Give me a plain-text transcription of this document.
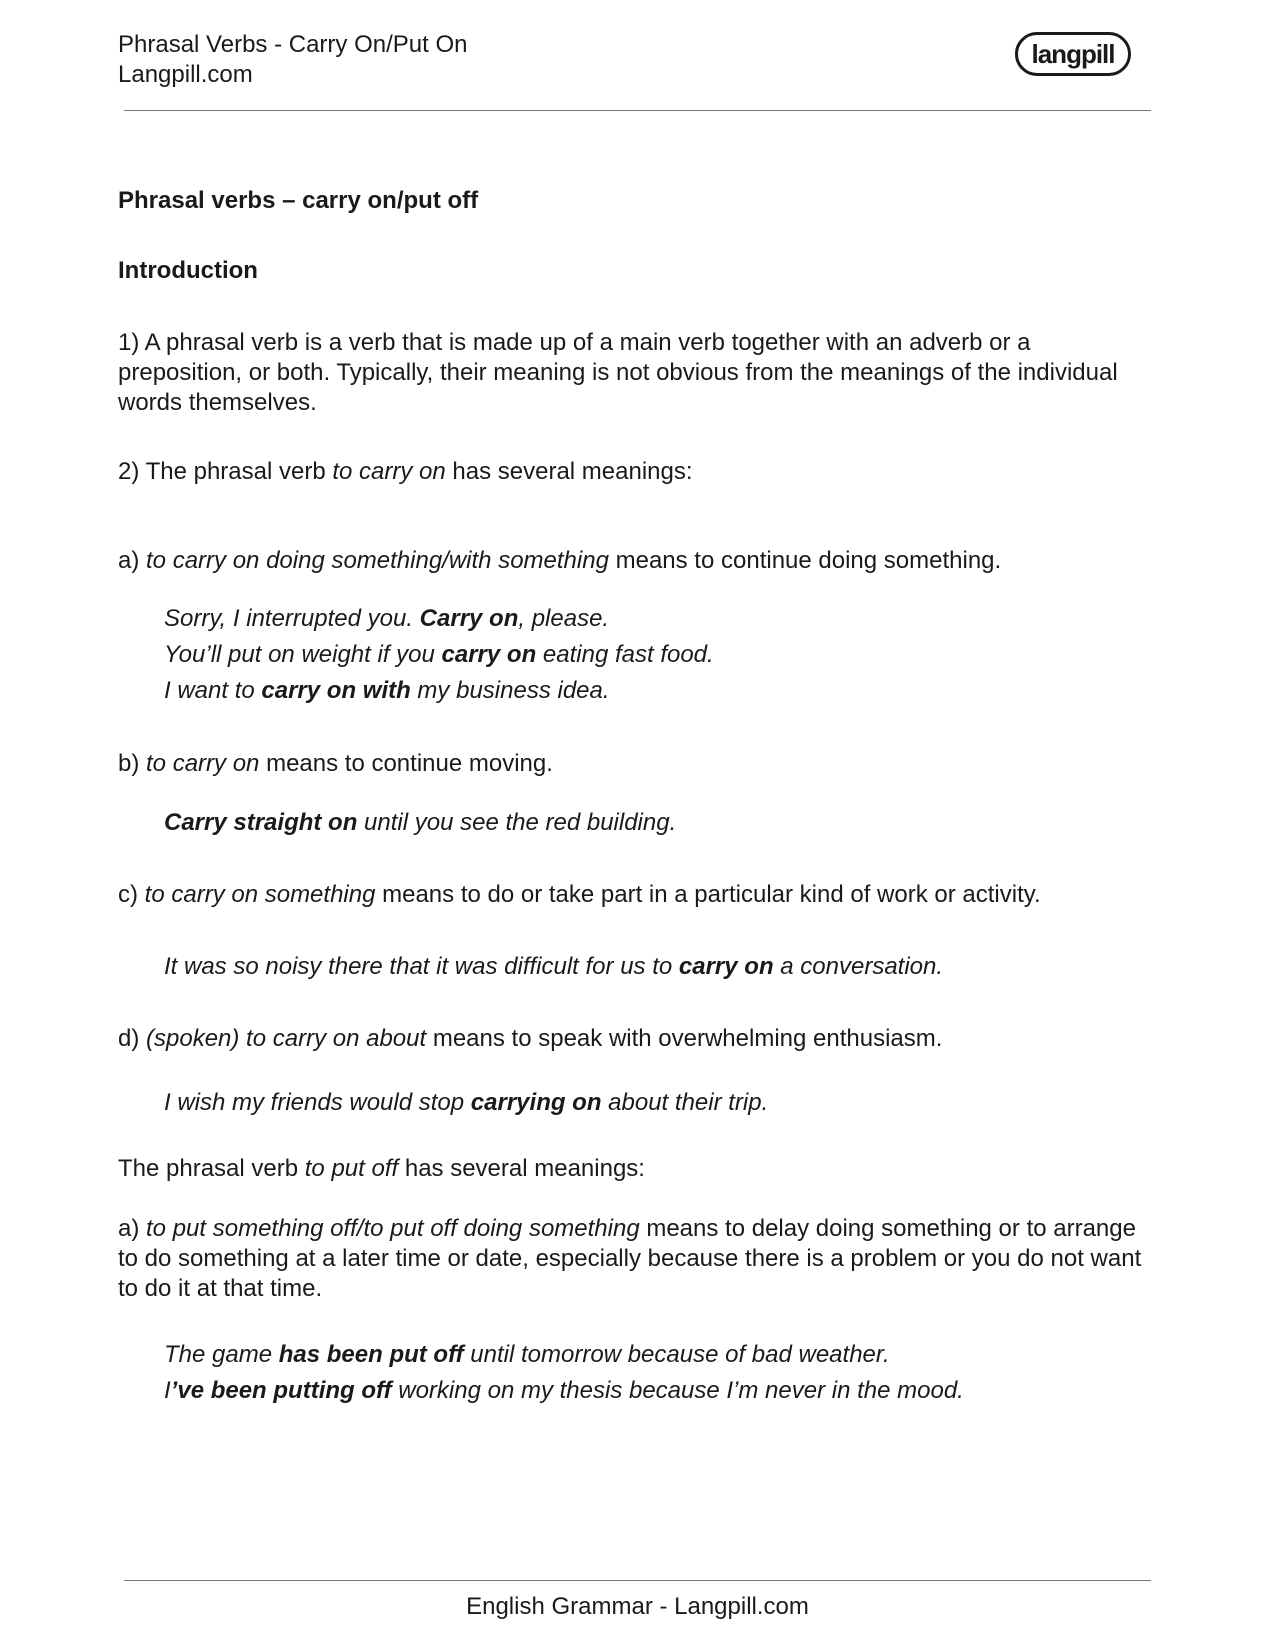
Phrasal Verbs - Carry On/Put On
Langpill.com
langpill
Phrasal verbs – carry on/put off
Introduction
1) A phrasal verb is a verb that is made up of a main verb together with an adverb or a preposition, or both. Typically, their meaning is not obvious from the meanings of the individual words themselves.
2) The phrasal verb to carry on has several meanings:
a) to carry on doing something/with something means to continue doing something.
Sorry, I interrupted you. Carry on, please.
You’ll put on weight if you carry on eating fast food.
I want to carry on with my business idea.
b) to carry on means to continue moving.
Carry straight on until you see the red building.
c) to carry on something means to do or take part in a particular kind of work or activity.
It was so noisy there that it was difficult for us to carry on a conversation.
d) (spoken) to carry on about means to speak with overwhelming enthusiasm.
I wish my friends would stop carrying on about their trip.
The phrasal verb to put off has several meanings:
a) to put something off/to put off doing something means to delay doing something or to arrange to do something at a later time or date, especially because there is a problem or you do not want to do it at that time.
The game has been put off until tomorrow because of bad weather.
I’ve been putting off working on my thesis because I’m never in the mood.
English Grammar - Langpill.com
